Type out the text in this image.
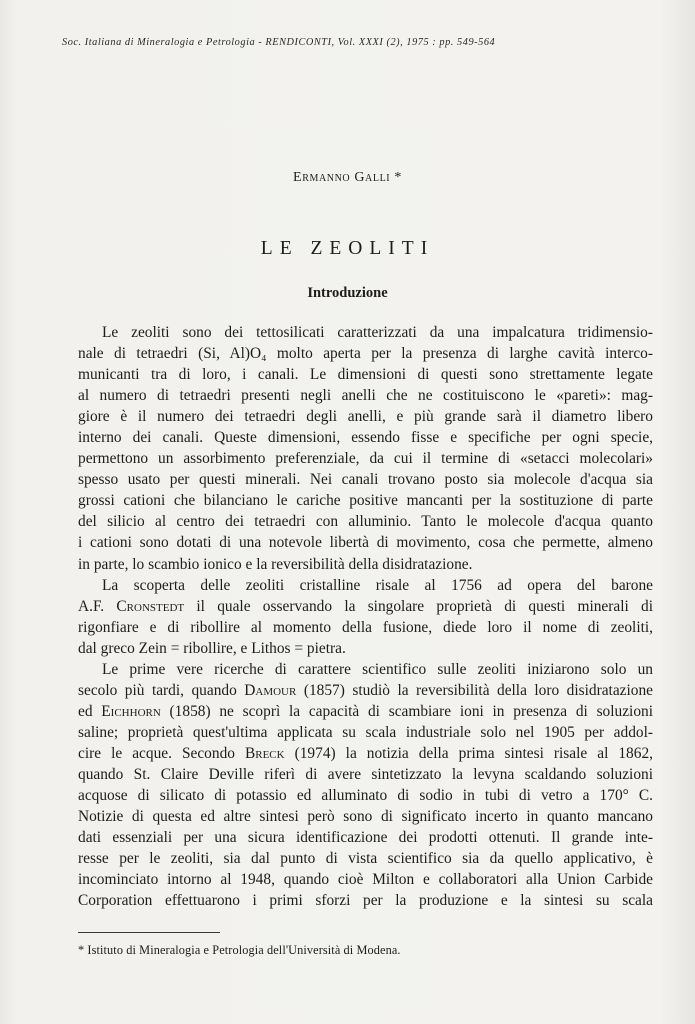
Soc. Italiana di Mineralogia e Petrologia - RENDICONTI, Vol. XXXI (2), 1975 : pp. 549-564
Ermanno Galli *
LE ZEOLITI
Introduzione
Le zeoliti sono dei tettosilicati caratterizzati da una impalcatura tridimensio-
nale di tetraedri (Si, Al)O₄ molto aperta per la presenza di larghe cavità interco-
municanti tra di loro, i canali. Le dimensioni di questi sono strettamente legate
al numero di tetraedri presenti negli anelli che ne costituiscono le «pareti»: mag-
giore è il numero dei tetraedri degli anelli, e più grande sarà il diametro libero
interno dei canali. Queste dimensioni, essendo fisse e specifiche per ogni specie,
permettono un assorbimento preferenziale, da cui il termine di «setacci molecolari»
spesso usato per questi minerali. Nei canali trovano posto sia molecole d'acqua sia
grossi cationi che bilanciano le cariche positive mancanti per la sostituzione di parte
del silicio al centro dei tetraedri con alluminio. Tanto le molecole d'acqua quanto
i cationi sono dotati di una notevole libertà di movimento, cosa che permette, almeno
in parte, lo scambio ionico e la reversibilità della disidratazione.
La scoperta delle zeoliti cristalline risale al 1756 ad opera del barone
A.F. Cronstedt il quale osservando la singolare proprietà di questi minerali di
rigonfiare e di ribollire al momento della fusione, diede loro il nome di zeoliti,
dal greco Zein = ribollire, e Lithos = pietra.
Le prime vere ricerche di carattere scientifico sulle zeoliti iniziarono solo un
secolo più tardi, quando Damour (1857) studiò la reversibilità della loro disidratazione
ed Eichhorn (1858) ne scoprì la capacità di scambiare ioni in presenza di soluzioni
saline; proprietà quest'ultima applicata su scala industriale solo nel 1905 per addol-
cire le acque. Secondo Breck (1974) la notizia della prima sintesi risale al 1862,
quando St. Claire Deville riferì di avere sintetizzato la levyna scaldando soluzioni
acquose di silicato di potassio ed alluminato di sodio in tubi di vetro a 170° C.
Notizie di questa ed altre sintesi però sono di significato incerto in quanto mancano
dati essenziali per una sicura identificazione dei prodotti ottenuti. Il grande inte-
resse per le zeoliti, sia dal punto di vista scientifico sia da quello applicativo, è
incominciato intorno al 1948, quando cioè Milton e collaboratori alla Union Carbide
Corporation effettuarono i primi sforzi per la produzione e la sintesi su scala
* Istituto di Mineralogia e Petrologia dell'Università di Modena.
